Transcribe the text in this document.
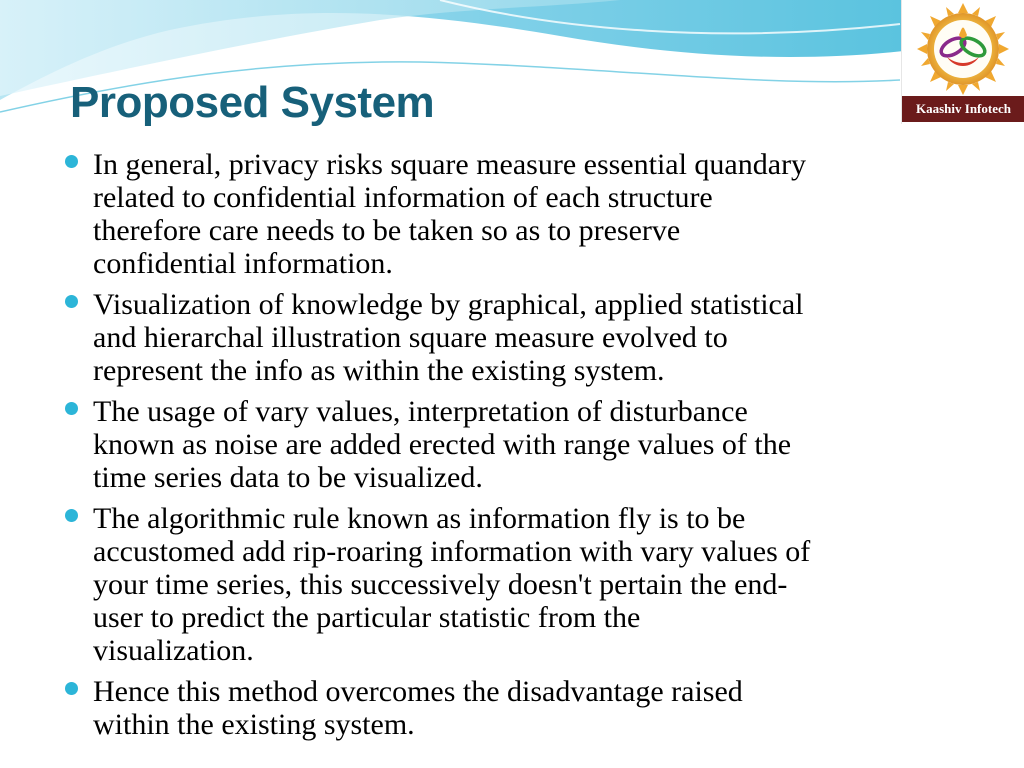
Proposed System	Kaashiv Infotech
In general, privacy risks square measure essential quandary
related to confidential information of each structure
therefore care needs to be taken so as to preserve
confidential information.
Visualization of knowledge by graphical, applied statistical
and hierarchal illustration square measure evolved to
represent the info as within the existing system.
The usage of vary values, interpretation of disturbance
known as noise are added erected with range values of the
time series data to be visualized.
The algorithmic rule known as information fly is to be
accustomed add rip-roaring information with vary values of
your time series, this successively doesn't pertain the end-
user to predict the particular statistic from the
visualization.
Hence this method overcomes the disadvantage raised
within the existing system.
